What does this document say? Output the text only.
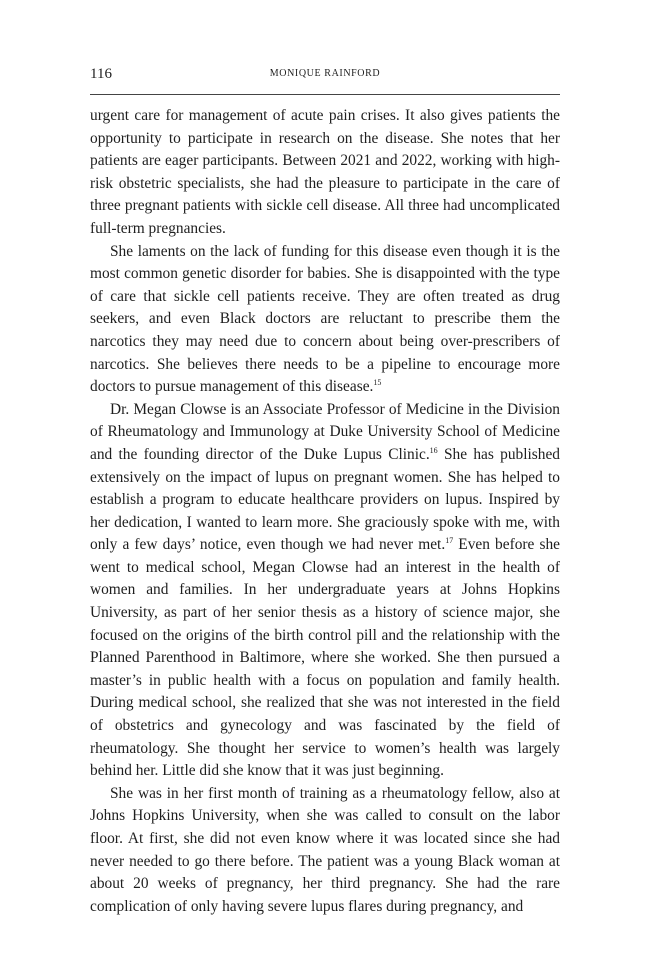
116	MONIQUE RAINFORD

urgent care for management of acute pain crises. It also gives patients the opportunity to participate in research on the disease. She notes that her patients are eager participants. Between 2021 and 2022, working with high-risk obstetric specialists, she had the pleasure to participate in the care of three pregnant patients with sickle cell disease. All three had uncomplicated full-term pregnancies.

She laments on the lack of funding for this disease even though it is the most common genetic disorder for babies. She is disappointed with the type of care that sickle cell patients receive. They are often treated as drug seekers, and even Black doctors are reluctant to prescribe them the narcotics they may need due to concern about being over-prescribers of narcotics. She believes there needs to be a pipeline to encourage more doctors to pursue management of this disease.$^{15}$

Dr. Megan Clowse is an Associate Professor of Medicine in the Division of Rheumatology and Immunology at Duke University School of Medicine and the founding director of the Duke Lupus Clinic.$^{16}$ She has published extensively on the impact of lupus on pregnant women. She has helped to establish a program to educate healthcare providers on lupus. Inspired by her dedication, I wanted to learn more. She graciously spoke with me, with only a few days’ notice, even though we had never met.$^{17}$ Even before she went to medical school, Megan Clowse had an interest in the health of women and families. In her undergraduate years at Johns Hopkins University, as part of her senior thesis as a history of science major, she focused on the origins of the birth control pill and the relationship with the Planned Parenthood in Baltimore, where she worked. She then pursued a master’s in public health with a focus on population and family health. During medical school, she realized that she was not interested in the field of obstetrics and gynecology and was fascinated by the field of rheumatology. She thought her service to women’s health was largely behind her. Little did she know that it was just beginning.

She was in her first month of training as a rheumatology fellow, also at Johns Hopkins University, when she was called to consult on the labor floor. At first, she did not even know where it was located since she had never needed to go there before. The patient was a young Black woman at about 20 weeks of pregnancy, her third pregnancy. She had the rare complication of only having severe lupus flares during pregnancy, and
